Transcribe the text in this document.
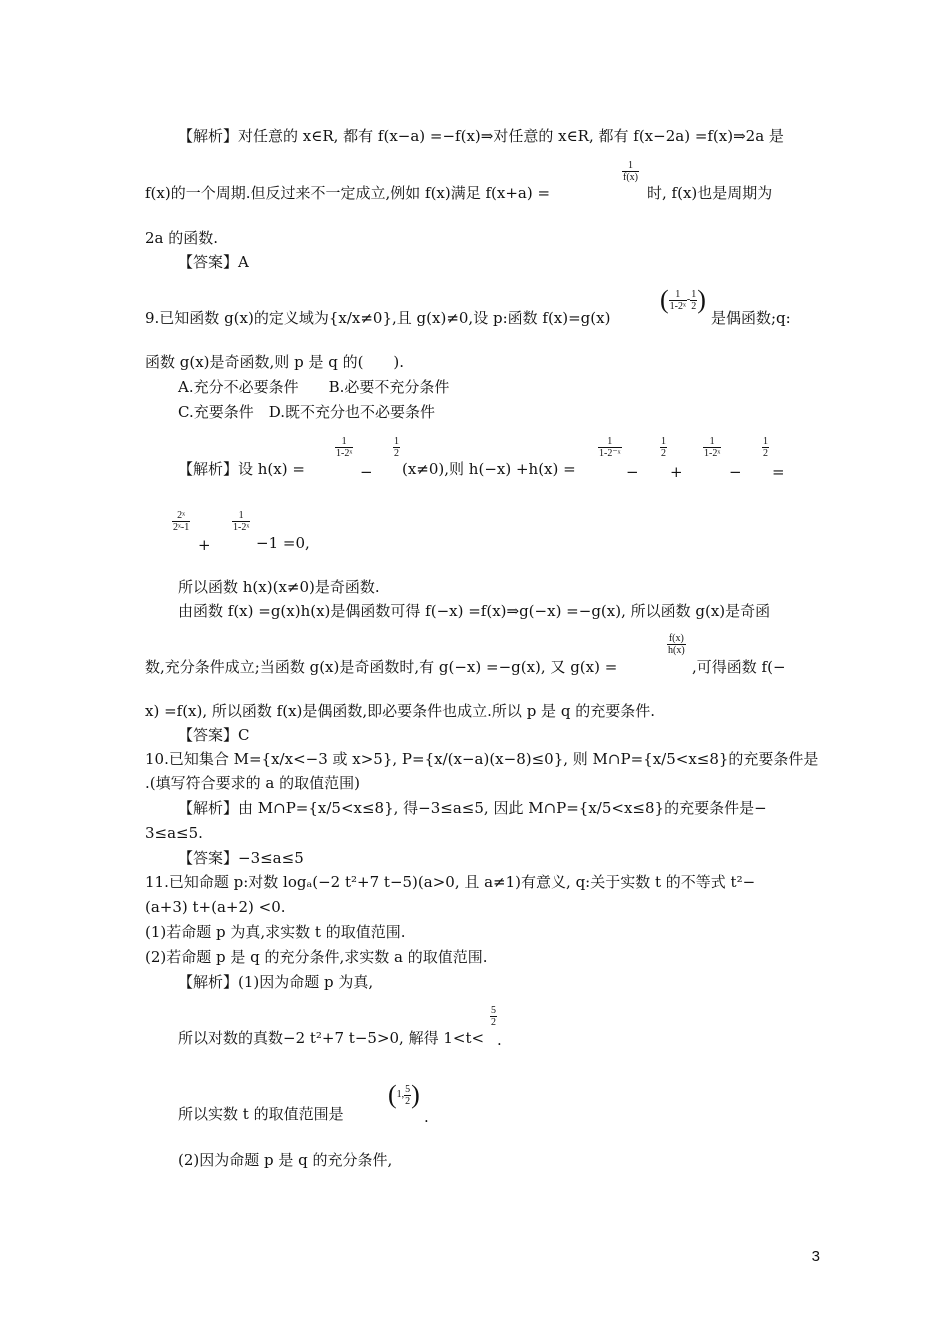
【解析】对任意的 x∈R, 都有 f(x−a) =−f(x)⇒对任意的 x∈R, 都有 f(x−2a) =f(x)⇒2a 是
f(x)的一个周期.但反过来不一定成立,例如 f(x)满足 f(x+a) =
$\frac{1}{f(x)}$
时, f(x)也是周期为
2a 的函数.
【答案】A
9.已知函数 g(x)的定义域为{x/x≠0},且 g(x)≠0,设 p:函数 f(x)=g(x)
( $\frac{1}{\text{1-2ˣ}} - \frac{1}{2}$ )
是偶函数;q:
函数 g(x)是奇函数,则 p 是 q 的(　　).
A.充分不必要条件　　B.必要不充分条件
C.充要条件　D.既不充分也不必要条件
【解析】设 h(x) =
$\frac{1}{\text{1-2ˣ}}$
−
$\frac{1}{2}$
(x≠0),则 h(−x) +h(x) =
$\frac{1}{\text{1-2⁻ˣ}}$
−
$\frac{1}{2}$
+
$\frac{1}{\text{1-2ˣ}}$
−
$\frac{1}{2}$
=
$\frac{\text{2ˣ}}{\text{2ˣ-1}}$
+
$\frac{1}{\text{1-2ˣ}}$
−1 =0,
所以函数 h(x)(x≠0)是奇函数.
由函数 f(x) =g(x)h(x)是偶函数可得 f(−x) =f(x)⇒g(−x) =−g(x), 所以函数 g(x)是奇函
数,充分条件成立;当函数 g(x)是奇函数时,有 g(−x) =−g(x), 又 g(x) =
$\frac{f(x)}{h(x)}$
,可得函数 f(−
x) =f(x), 所以函数 f(x)是偶函数,即必要条件也成立.所以 p 是 q 的充要条件.
【答案】C
10.已知集合 M={x/x<−3 或 x>5}, P={x/(x−a)(x−8)≤0}, 则 M∩P={x/5<x≤8}的充要条件是
.(填写符合要求的 a 的取值范围)
【解析】由 M∩P={x/5<x≤8}, 得−3≤a≤5, 因此 M∩P={x/5<x≤8}的充要条件是−
3≤a≤5.
【答案】−3≤a≤5
11.已知命题 p:对数 logₐ(−2 t²+7 t−5)(a>0, 且 a≠1)有意义, q:关于实数 t 的不等式 t²−
(a+3) t+(a+2) <0.
(1)若命题 p 为真,求实数 t 的取值范围.
(2)若命题 p 是 q 的充分条件,求实数 a 的取值范围.
【解析】(1)因为命题 p 为真,
所以对数的真数−2 t²+7 t−5>0, 解得 1<t<
$\frac{5}{2}$
.
所以实数 t 的取值范围是
( 1, $\frac{5}{2}$ )
.
(2)因为命题 p 是 q 的充分条件,
3
